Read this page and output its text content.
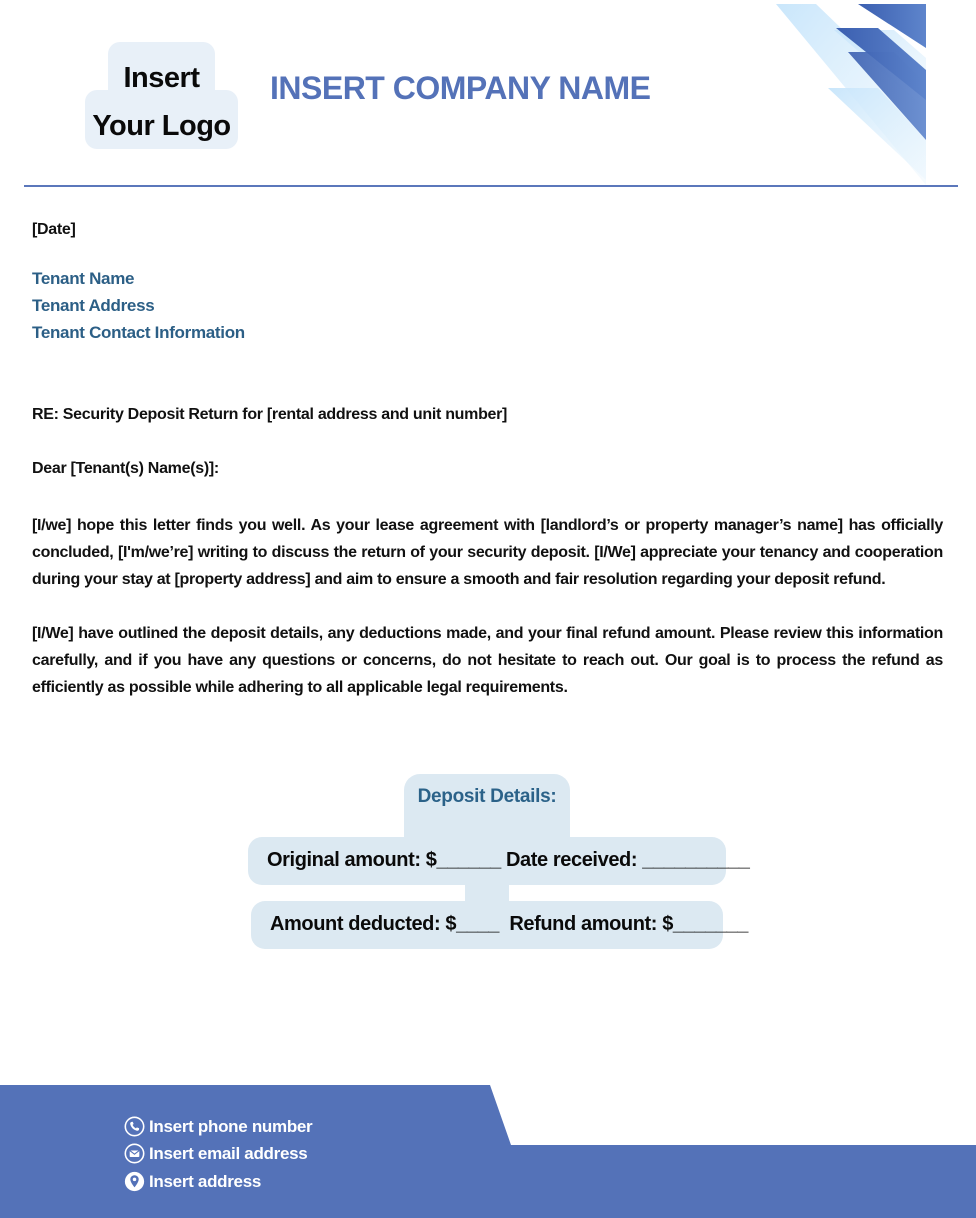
Insert
Your Logo
INSERT COMPANY NAME
[Date]
Tenant Name
Tenant Address
Tenant Contact Information
RE: Security Deposit Return for [rental address and unit number]
Dear [Tenant(s) Name(s)]:
[I/we] hope this letter finds you well. As your lease agreement with [landlord’s or property manager’s name] has officially concluded, [I'm/we’re] writing to discuss the return of your security deposit. [I/We] appreciate your tenancy and cooperation during your stay at [property address] and aim to ensure a smooth and fair resolution regarding your deposit refund.
[I/We] have outlined the deposit details, any deductions made, and your final refund amount. Please review this information carefully, and if you have any questions or concerns, do not hesitate to reach out. Our goal is to process the refund as efficiently as possible while adhering to all applicable legal requirements.
Deposit Details:
Original amount: $______ Date received: __________
Amount deducted: $____  Refund amount: $_______
Insert phone number
Insert email address
Insert address
